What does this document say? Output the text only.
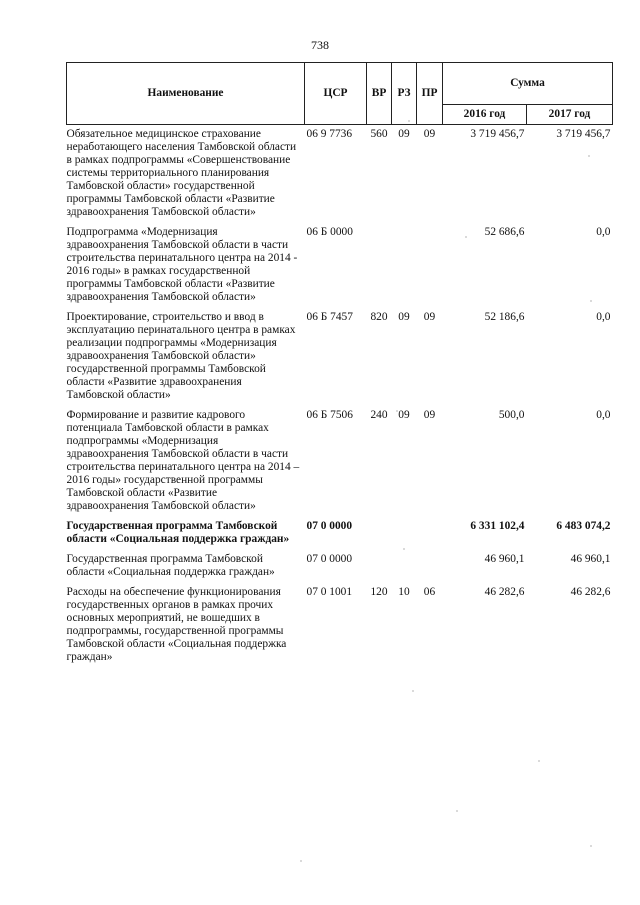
738
Наименование	ЦСР	ВР	РЗ	ПР	Сумма	
					2016 год	2017 год
Обязательное медицинское страхование неработающего населения Тамбовской области в рамках подпрограммы «Совершенствование системы территориального планирования Тамбовской области» государственной программы Тамбовской области «Развитие здравоохранения Тамбовской области»	06 9 7736	560	09	09	3 719 456,7	3 719 456,7
Подпрограмма «Модернизация здравоохранения Тамбовской области в части строительства перинатального центра на 2014 - 2016 годы» в рамках государственной программы Тамбовской области «Развитие здравоохранения Тамбовской области»	06 Б 0000				52 686,6	0,0
Проектирование, строительство и ввод в эксплуатацию перинатального центра в рамках реализации подпрограммы «Модернизация здравоохранения Тамбовской области» государственной программы Тамбовской области «Развитие здравоохранения Тамбовской области»	06 Б 7457	820	09	09	52 186,6	0,0
Формирование и развитие кадрового потенциала Тамбовской области в рамках подпрограммы «Модернизация здравоохранения Тамбовской области в части строительства перинатального центра на 2014 – 2016 годы» государственной программы Тамбовской области «Развитие здравоохранения Тамбовской области»	06 Б 7506	240	09	09	500,0	0,0
Государственная программа Тамбовской области «Социальная поддержка граждан»	07 0 0000				6 331 102,4	6 483 074,2
Государственная программа Тамбовской области «Социальная поддержка граждан»	07 0 0000				46 960,1	46 960,1
Расходы на обеспечение функционирования государственных органов в рамках прочих основных мероприятий, не вошедших в подпрограммы, государственной программы Тамбовской области «Социальная поддержка граждан»	07 0 1001	120	10	06	46 282,6	46 282,6
